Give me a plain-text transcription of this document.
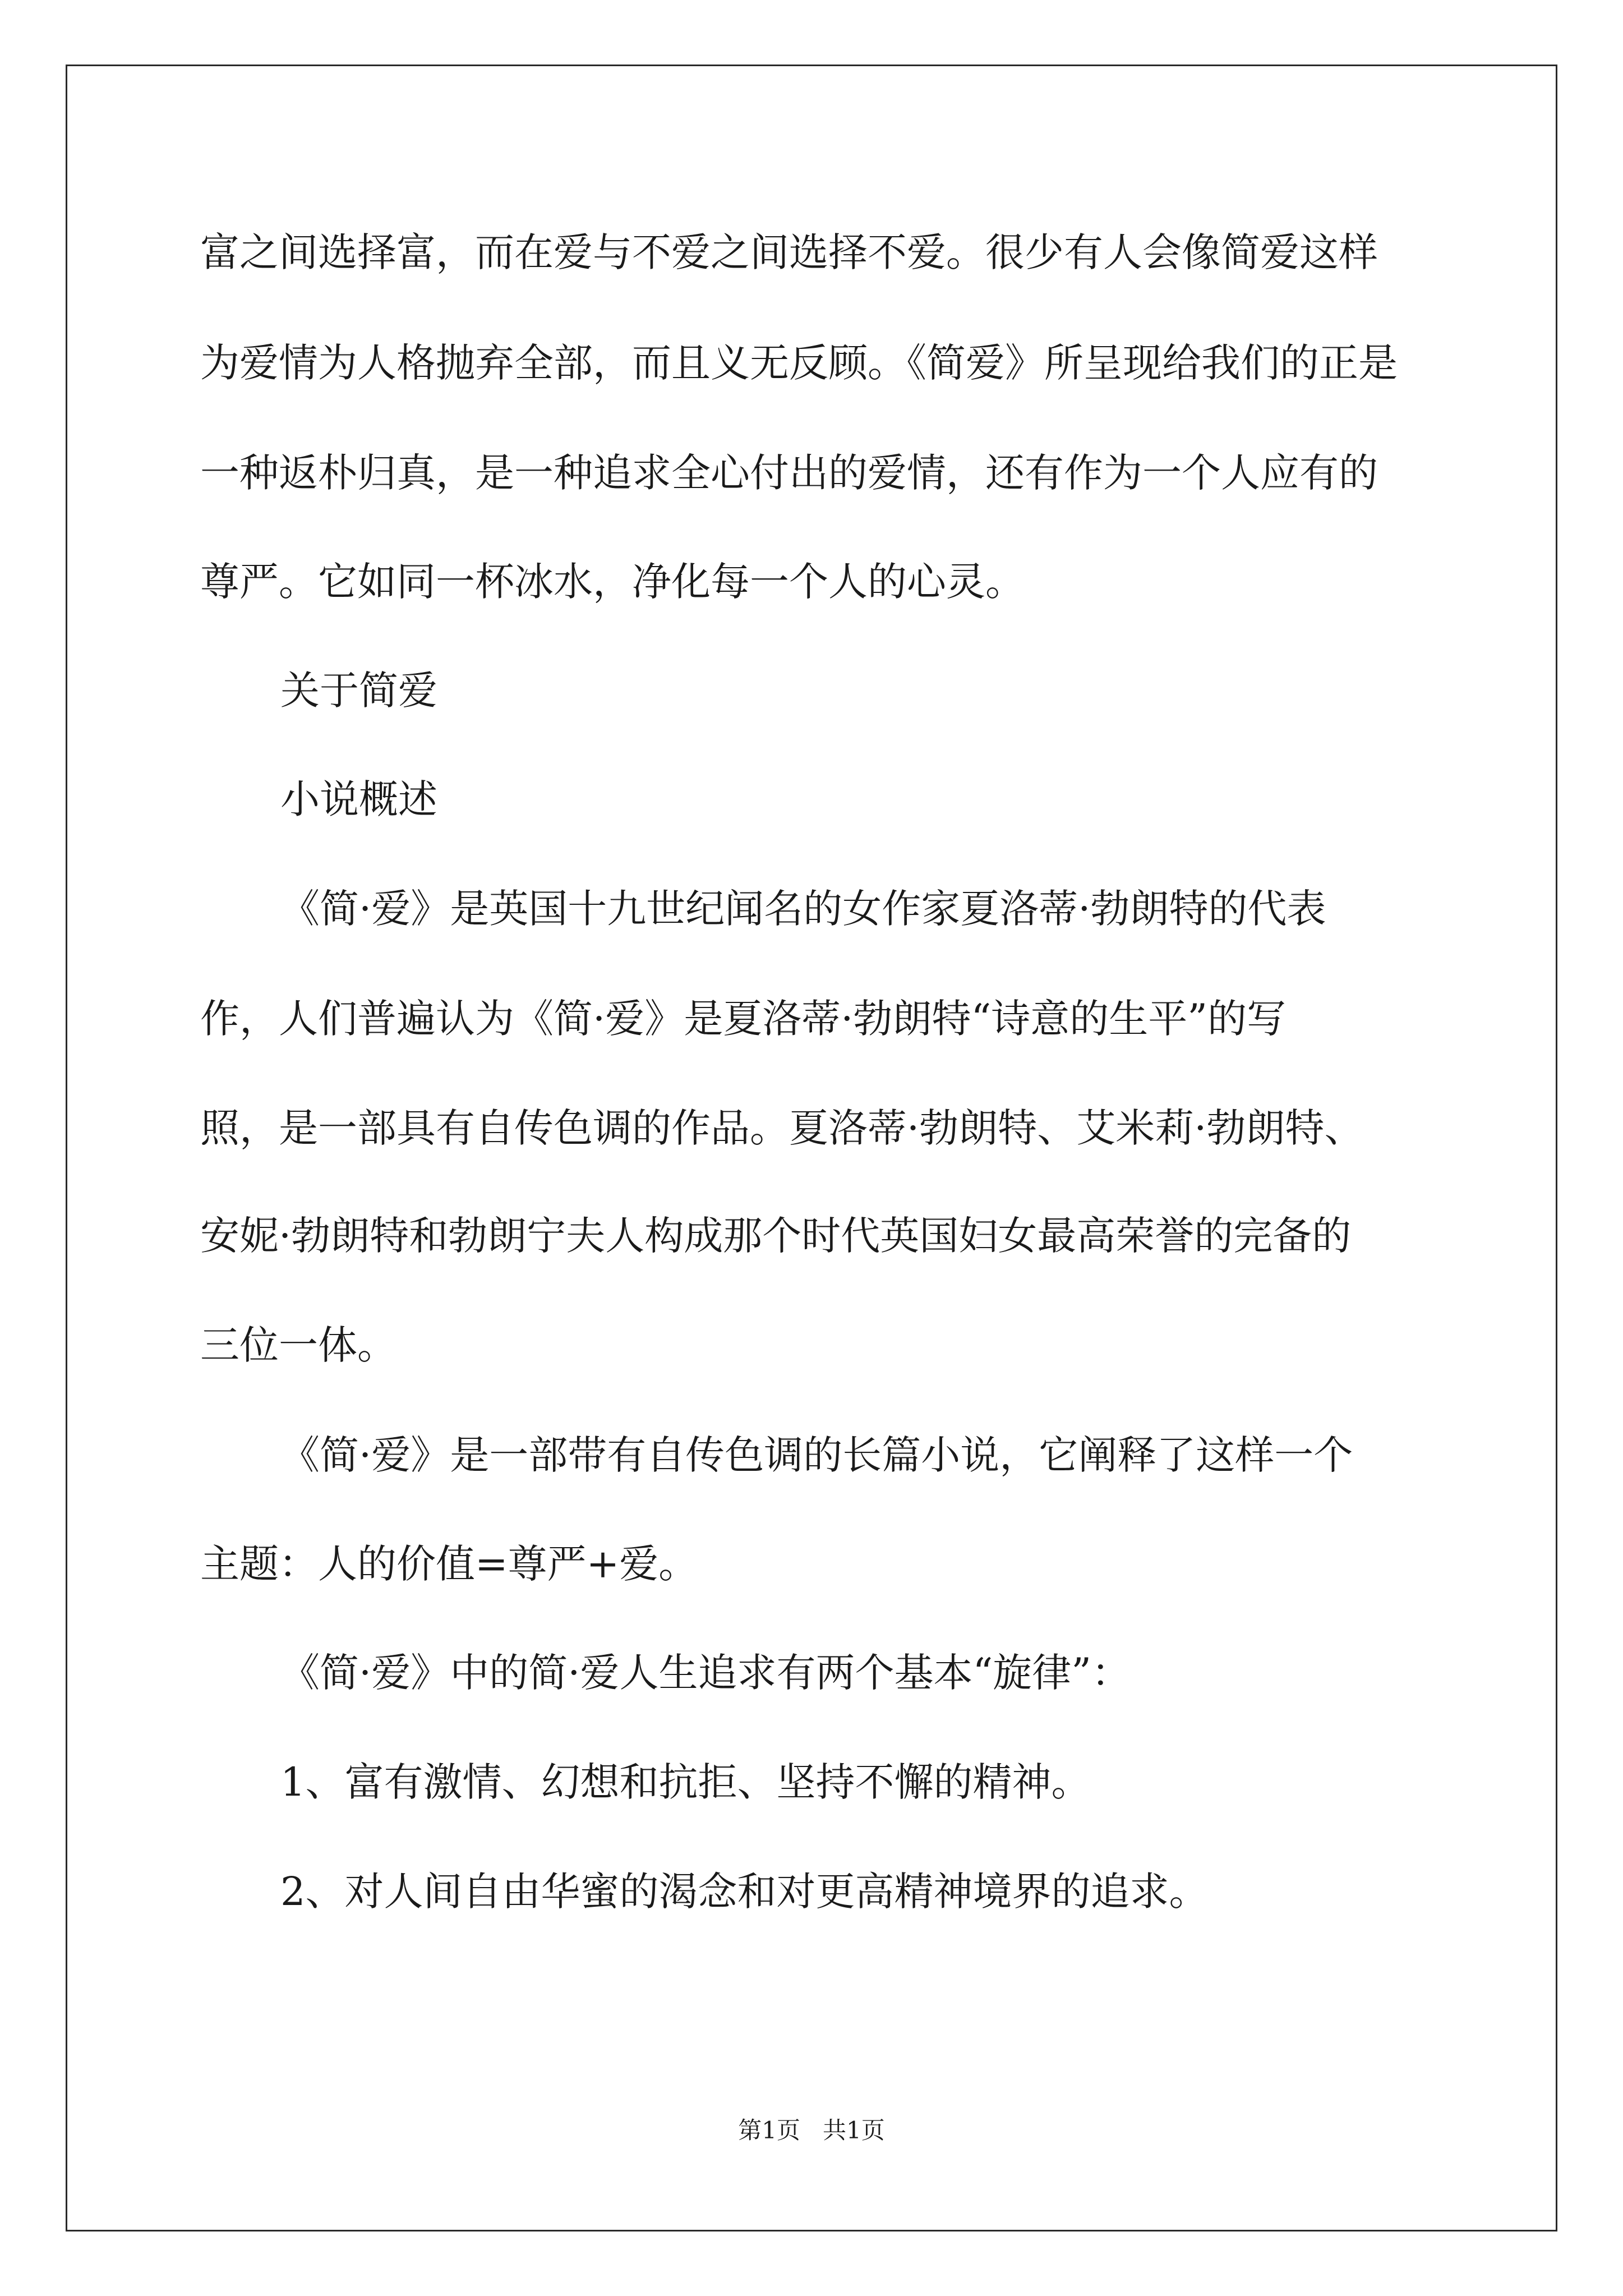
富之间选择富，而在爱与不爱之间选择不爱。很少有人会像简爱这样
为爱情为人格抛弃全部，而且义无反顾。《简爱》所呈现给我们的正是
一种返朴归真，是一种追求全心付出的爱情，还有作为一个人应有的
尊严。它如同一杯冰水，净化每一个人的心灵。
关于简爱
小说概述
《简·爱》是英国十九世纪闻名的女作家夏洛蒂·勃朗特的代表
作，人们普遍认为《简·爱》是夏洛蒂·勃朗特“诗意的生平”的写
照，是一部具有自传色调的作品。夏洛蒂·勃朗特、艾米莉·勃朗特、
安妮·勃朗特和勃朗宁夫人构成那个时代英国妇女最高荣誉的完备的
三位一体。
《简·爱》是一部带有自传色调的长篇小说，它阐释了这样一个
主题：人的价值=尊严+爱。
《简·爱》中的简·爱人生追求有两个基本“旋律”：
1、富有激情、幻想和抗拒、坚持不懈的精神。
2、对人间自由华蜜的渴念和对更高精神境界的追求。
第1页   共1页
